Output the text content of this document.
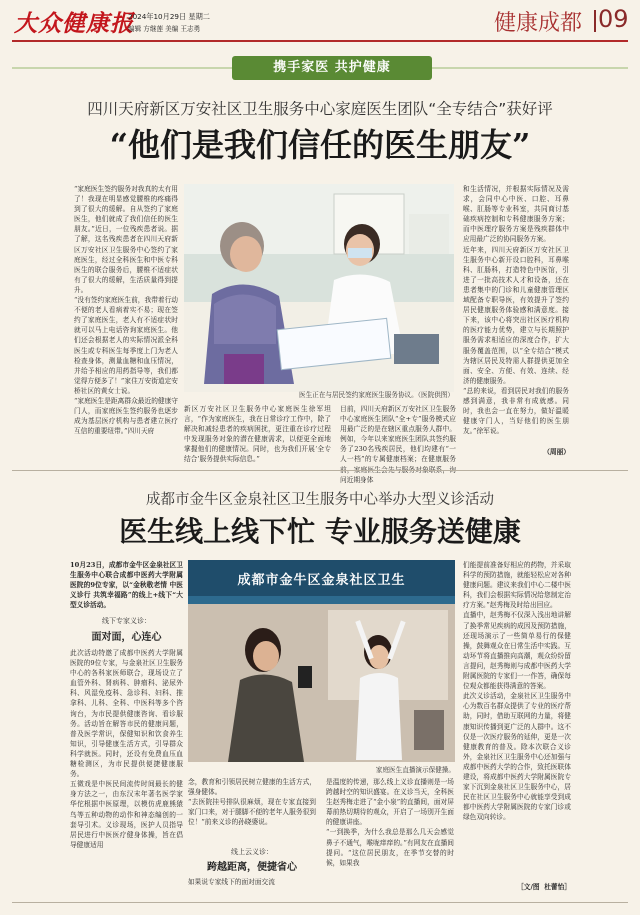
大众健康报
2024年10月29日 星期二
编辑 方继莲 美编 王志勇	健康成都 09
携手家医 共护健康
四川天府新区万安社区卫生服务中心家庭医生团队“全专结合”获好评
“他们是我们信任的医生朋友”
“家庭医生签约服务对我真的太有用了！我现在明显感觉腰椎的疼痛得到了很大的缓解。自从签约了家庭医生，他们就成了我们信任的医生朋友。”近日，一位残疾患者说。据了解，这名残疾患者在四川天府新区万安社区卫生服务中心签约了家庭医生，经过全科医生和中医专科医生的联合服务后，腰椎不适症状有了很大的缓解，生活质量得到提升。
“没有签约家庭医生前，我带着行动不便的老人看病着实不易；现在签约了家庭医生，老人有不适症状时就可以马上电话咨询家庭医生。他们还会根据老人的实际情况派全科医生或专科医生每季度上门为老人检查身体，测量血糖和血压情况，并给予相应的用药指导等，我们都觉得方便多了！”家住万安街道定安桥社区的黄女士说。
“家庭医生是距离群众最近的健康守门人，而家庭医生签约服务也逐步成为基层医疗机构与患者建立医疗互信的重要纽带。”四川天府
医生正在与居民签约家庭医生服务协议。（医院供图）
新区万安社区卫生服务中心家庭医生徐军坦言，“作为家庭医生，我在日常诊疗工作中，除了解决和减轻患者的疾病困扰，更注重在诊疗过程中发现服务对象的潜在健康需求，以便更全面地掌握他们的健康情况。同时，也为我们开展‘全专结合’服务提供实际信息。”
目前，四川天府新区万安社区卫生服务中心家庭医生团队“全+专”服务模式应用最广泛的是在辖区重点服务人群中。例如，今年以来家庭医生团队共签约服务了230名残疾居民，他们均建有“一人一档”的专属健康档案；在健康服务 问近期身体
和生活情况，并根据实际情况及需求，会同中心中医、口腔、耳鼻喉、肛肠等专业科室，共同商讨基础疾病控制和专科健康服务方案；而中医理疗服务方案是残疾群体中应用最广泛的协同服务方案。
近年来，四川天府新区万安社区卫生服务中心新开设口腔科，耳鼻喉科、肛肠科，打造特色中医馆，引进了一批高技术人才和设备，还在患者集中的门诊和儿童健康管理区域配备专职导医，有效提升了签约居民健康服务体验感和满意度。接下来，该中心将突出社区医疗机构的医疗能力优势，建立与长期照护服务需求相适应的深度合作，扩大服务覆盖范围，以“全专结合”模式为辖区居民及特需人群提供更加全面、安全、方便、有效、连续、经济的健康服务。
“总的来说，看到居民对我们的服务感到满意，我非常有成就感。同时，我也会一直在努力，做好温暖健康守门人，当好他们的医生朋友。”徐军说。
（周丽）
成都市金牛区金泉社区卫生服务中心举办大型义诊活动
医生线上线下忙 专业服务送健康
10月23日，成都市金牛区金泉社区卫生服务中心联合成都中医药大学附属医院的9位专家，以“金秋敬老情 中医义诊行 共筑幸福路”的线上+线下“大型义诊活动。
线下专家义诊：
面对面，心连心
此次活动特邀了成都中医药大学附属医院的9位专家，与金泉社区卫生服务中心的各科家医师联合，现场设立了血管外科、肾病科、肿瘤科、泌尿外科、风湿免疫科、急诊科、妇科、推拿科、儿科、全科、中医科等多个咨询台，为市民提供健康咨询、看诊服务。活动旨在解答市民的健康问题，普及医学常识，保健知识和饮食养生知识，引导健康生活方式，引导群众科学就医。同时，还设有免费血压血糖检测区，为市民提供便捷健康服务。
五微戏是中医民间流传时间最长的健身方法之一，由东汉末年著名医学家华佗根据中医原理，以模仿虎鹿熊猿鸟等五种动物的动作和神态编创的一套导引术。义诊现场，医护人员指导居民进行中医医疗健身体操，旨在倡导健康适用
成都市金牛区金泉社区卫生
家庭医生直播演示保健操。
念，教育和引领居民树立健康的生活方式，强身健体。
“去医院挂号排队很麻烦，现在专家直接到家门口来，对于腿脚不便的老年人服务很到位！”前来义诊的孙晓婆说。
线上云义诊：
跨越距离，便捷省心
如果说专家线下的面对面交流
是温度的传递，那么线上义诊直播则是一场跨越时空的知识盛宴。在义诊当天，全科医生赵秀梅走进了“金小泉”的直播间，面对屏幕前热切期待的观众，开启了一场别开生面的健康讲座。
“一到换季，为什么我总是那么几天会感觉鼻子不通气，喉咙痒痒的。”有网友在直播间提问。“这位居民朋友，在季节交替的时候，如果我
们能提前准备好相应的药物，并采取科学的预防措施，就能轻松应对各种健康问题。建议来我们中心二楼中医科，我们会根据实际情况给您制定治疗方案。”赵秀梅及时给出回应。
直播中，赵秀梅不仅深入浅出地讲解了换季常见疾病的成因及预防措施，还现场演示了一些简单易行的保健操，鼓舞观众在日常生活中实践。互动环节将直播推向高潮，观众纷纷留言提问，赵秀梅则与成都中医药大学附属医院的专家们一一作答，确保每位观众都能获得满意的答案。
此次义诊活动，金泉社区卫生服务中心为数百名群众提供了专业的医疗帮助，同时，借助互联网的力量，将健康知识传播到更广泛的人群中。这不仅是一次医疗服务的延伸，更是一次健康教育的普及。除本次联合义诊外，金泉社区卫生服务中心还加强与成都中医药大学的合作，致托医联体建设，将成都中医药大学附属医院专家下沉到金泉社区卫生服务中心，居民在社区卫生服务中心就能享受到成都中医药大学附属医院的专家门诊或绿色双向转诊。
［文/图  杜蕾怡］
